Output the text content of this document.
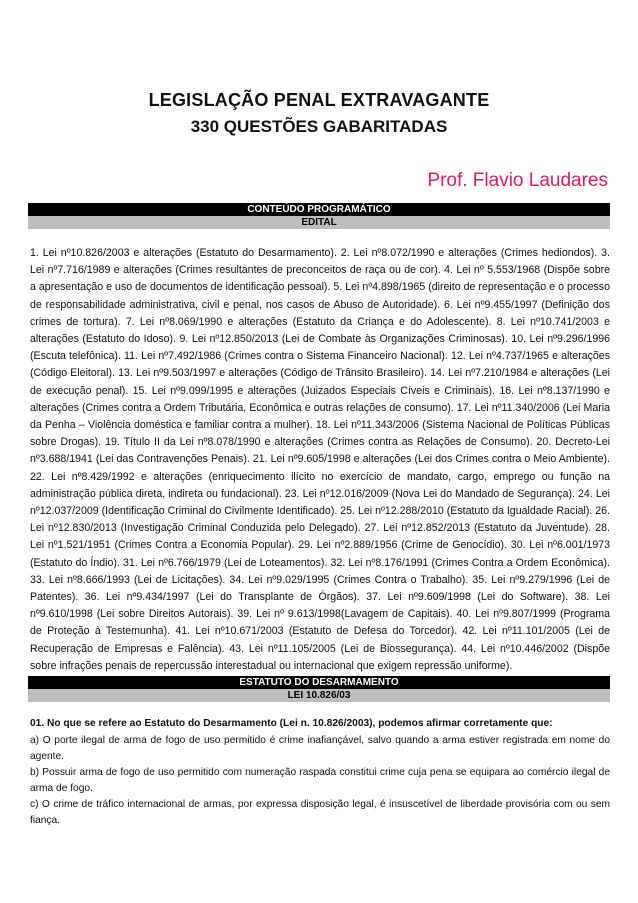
LEGISLAÇÃO PENAL EXTRAVAGANTE
330 QUESTÕES GABARITADAS
Prof. Flavio Laudares
CONTEÚDO PROGRAMÁTICO
EDITAL
1. Lei nº10.826/2003 e alterações (Estatuto do Desarmamento). 2. Lei nº8.072/1990 e alterações (Crimes hediondos). 3. Lei nº7.716/1989 e alterações (Crimes resultantes de preconceitos de raça ou de cor). 4. Lei nº 5.553/1968 (Dispõe sobre a apresentação e uso de documentos de identificação pessoal). 5. Lei nº4.898/1965 (direito de representação e o processo de responsabilidade administrativa, civil e penal, nos casos de Abuso de Autoridade). 6. Lei nº9.455/1997 (Definição dos crimes de tortura). 7. Lei nº8.069/1990 e alterações (Estatuto da Criança e do Adolescente). 8. Lei nº10.741/2003 e alterações (Estatuto do Idoso). 9. Lei nº12.850/2013 (Lei de Combate às Organizações Criminosas). 10. Lei nº9.296/1996 (Escuta telefônica). 11. Lei nº7.492/1986 (Crimes contra o Sistema Financeiro Nacional). 12. Lei nº4.737/1965 e alterações (Código Eleitoral). 13. Lei nº9.503/1997 e alterações (Código de Trânsito Brasileiro). 14. Lei nº7.210/1984 e alterações (Lei de execução penal). 15. Lei nº9.099/1995 e alterações (Juizados Especiais Cíveis e Criminais). 16. Lei nº8.137/1990 e alterações (Crimes contra a Ordem Tributária, Econômica e outras relações de consumo). 17. Lei nº11.340/2006 (Lei Maria da Penha – Violência doméstica e familiar contra a mulher). 18. Lei nº11.343/2006 (Sistema Nacional de Políticas Públicas sobre Drogas). 19. Título II da Lei nº8.078/1990 e alterações (Crimes contra as Relações de Consumo). 20. Decreto-Lei nº3.688/1941 (Lei das Contravenções Penais). 21. Lei nº9.605/1998 e alterações (Lei dos Crimes contra o Meio Ambiente). 22. Lei nº8.429/1992 e alterações (enriquecimento ilícito no exercício de mandato, cargo, emprego ou função na administração pública direta, indireta ou fundacional). 23. Lei nº12.016/2009 (Nova Lei do Mandado de Segurança). 24. Lei nº12.037/2009 (Identificação Criminal do Civilmente Identificado). 25. Lei nº12.288/2010 (Estatuto da Igualdade Racial). 26. Lei nº12.830/2013 (Investigação Criminal Conduzida pelo Delegado). 27. Lei nº12.852/2013 (Estatuto da Juventude). 28. Lei nº1.521/1951 (Crimes Contra a Economia Popular). 29. Lei nº2.889/1956 (Crime de Genocídio). 30. Lei nº6.001/1973 (Estatuto do Índio). 31. Lei nº6.766/1979 (Lei de Loteamentos). 32. Lei nº8.176/1991 (Crimes Contra a Ordem Econômica). 33. Lei nº8.666/1993 (Lei de Licitações). 34. Lei nº9.029/1995 (Crimes Contra o Trabalho). 35. Lei nº9.279/1996 (Lei de Patentes). 36. Lei nº9.434/1997 (Lei do Transplante de Órgãos). 37. Lei nº9.609/1998 (Lei do Software). 38. Lei nº9.610/1998 (Lei sobre Direitos Autorais). 39. Lei nº 9.613/1998(Lavagem de Capitais). 40. Lei nº9.807/1999 (Programa de Proteção à Testemunha). 41. Lei nº10.671/2003 (Estatuto de Defesa do Torcedor). 42. Lei nº11.101/2005 (Lei de Recuperação de Empresas e Falência). 43. Lei nº11.105/2005 (Lei de Biossegurança). 44. Lei nº10.446/2002 (Dispõe sobre infrações penais de repercussão interestadual ou internacional que exigem repressão uniforme).
ESTATUTO DO DESARMAMENTO
LEI 10.826/03
01. No que se refere ao Estatuto do Desarmamento (Lei n. 10.826/2003), podemos afirmar corretamente que:
a) O porte ilegal de arma de fogo de uso permitido é crime inafiançável, salvo quando a arma estiver registrada em nome do agente.
b) Possuir arma de fogo de uso permitido com numeração raspada constitui crime cuja pena se equipara ao comércio ilegal de arma de fogo.
c) O crime de tráfico internacional de armas, por expressa disposição legal, é insuscetível de liberdade provisória com ou sem fiança.
